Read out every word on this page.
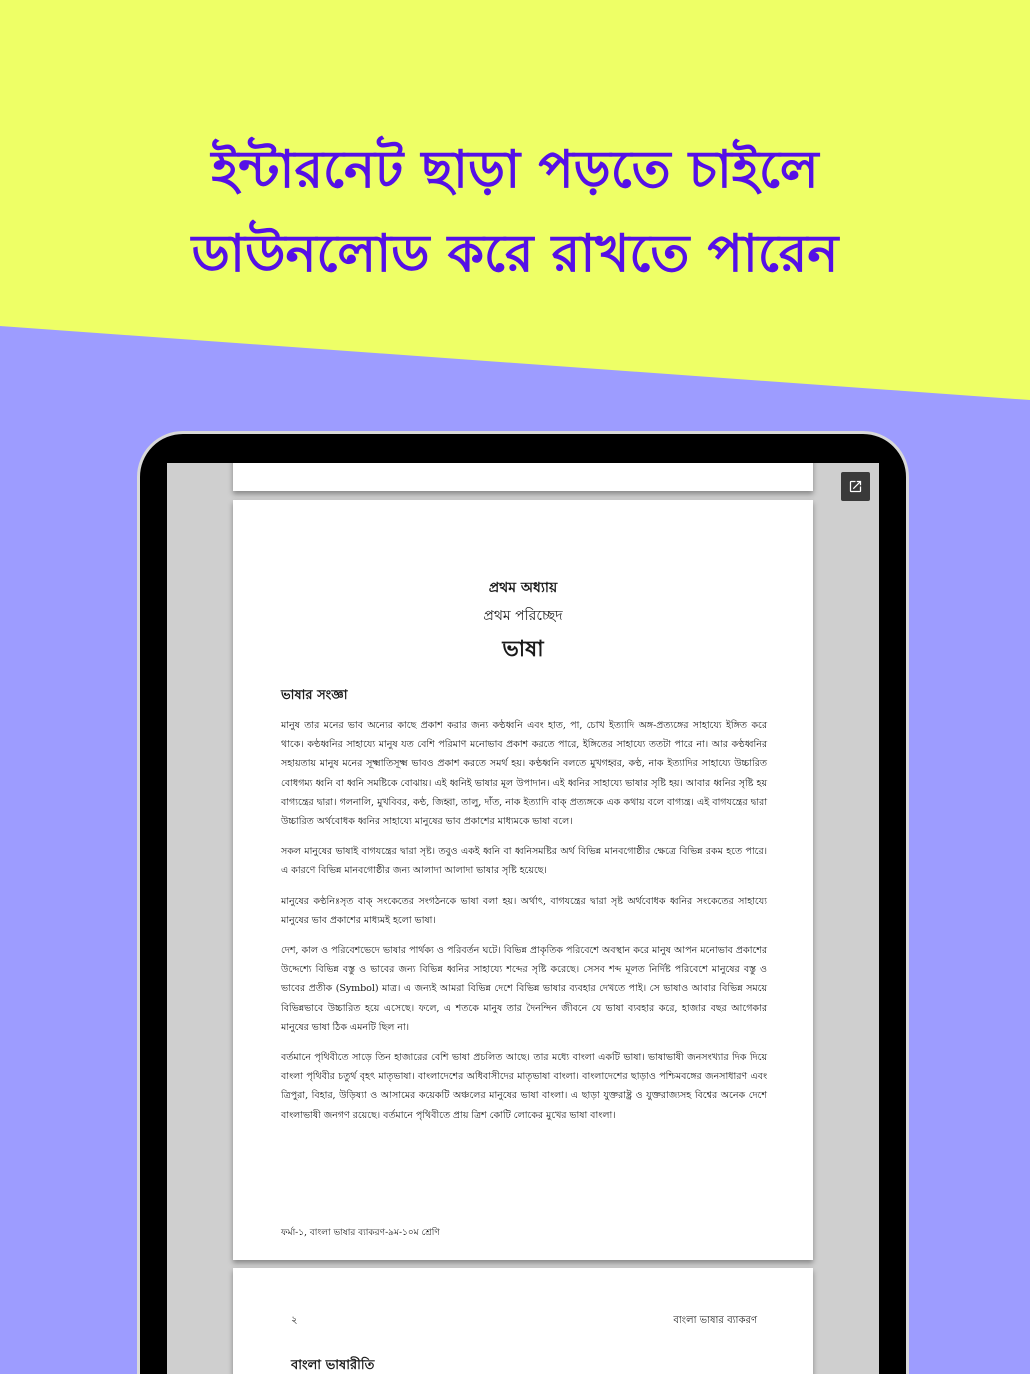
ইন্টারনেট ছাড়া পড়তে চাইলে
ডাউনলোড করে রাখতে পারেন
প্রথম অধ্যায়
প্রথম পরিচ্ছেদ
ভাষা
ভাষার সংজ্ঞা

মানুষ তার মনের ভাব অন্যের কাছে প্রকাশ করার জন্য কণ্ঠধ্বনি এবং হাত, পা, চোখ ইত্যাদি অঙ্গ-প্রত্যঙ্গের সাহায্যে ইঙ্গিত করে থাকে। কণ্ঠধ্বনির সাহায্যে মানুষ যত বেশি পরিমাণ মনোভাব প্রকাশ করতে পারে, ইঙ্গিতের সাহায্যে ততটা পারে না। আর কণ্ঠধ্বনির সহায়তায় মানুষ মনের সূক্ষ্মাতিসূক্ষ্ম ভাবও প্রকাশ করতে সমর্থ হয়। কণ্ঠধ্বনি বলতে মুখগহ্বর, কণ্ঠ, নাক ইত্যাদির সাহায্যে উচ্চারিত বোধগম্য ধ্বনি বা ধ্বনি সমষ্টিকে বোঝায়। এই ধ্বনিই ভাষার মূল উপাদান। এই ধ্বনির সাহায্যে ভাষার সৃষ্টি হয়। আবার ধ্বনির সৃষ্টি হয় বাগ্যন্ত্রের দ্বারা। গলনালি, মুখবিবর, কণ্ঠ, জিহ্বা, তালু, দাঁত, নাক ইত্যাদি বাক্ প্রত্যঙ্গকে এক কথায় বলে বাগ্যন্ত্র। এই বাগযন্ত্রের দ্বারা উচ্চারিত অর্থবোধক ধ্বনির সাহায্যে মানুষের ভাব প্রকাশের মাধ্যমকে ভাষা বলে।

সকল মানুষের ভাষাই বাগযন্ত্রের দ্বারা সৃষ্ট। তবুও একই ধ্বনি বা ধ্বনিসমষ্টির অর্থ বিভিন্ন মানবগোষ্ঠীর ক্ষেত্রে বিভিন্ন রকম হতে পারে। এ কারণে বিভিন্ন মানবগোষ্ঠীর জন্য আলাদা আলাদা ভাষার সৃষ্টি হয়েছে।

মানুষের কণ্ঠনিঃসৃত বাক্ সংকেতের সংগঠনকে ভাষা বলা হয়। অর্থাৎ, বাগযন্ত্রের দ্বারা সৃষ্ট অর্থবোধক ধ্বনির সংকেতের সাহায্যে মানুষের ভাব প্রকাশের মাধ্যমই হলো ভাষা।

দেশ, কাল ও পরিবেশভেদে ভাষার পার্থক্য ও পরিবর্তন ঘটে। বিভিন্ন প্রাকৃতিক পরিবেশে অবস্থান করে মানুষ আপন মনোভাব প্রকাশের উদ্দেশ্যে বিভিন্ন বস্তু ও ভাবের জন্য বিভিন্ন ধ্বনির সাহায্যে শব্দের সৃষ্টি করেছে। সেসব শব্দ মূলত নির্দিষ্ট পরিবেশে মানুষের বস্তু ও ভাবের প্রতীক (Symbol) মাত্র। এ জন্যই আমরা বিভিন্ন দেশে বিভিন্ন ভাষার ব্যবহার দেখতে পাই। সে ভাষাও আবার বিভিন্ন সময়ে বিভিন্নভাবে উচ্চারিত হয়ে এসেছে। ফলে, এ শতকে মানুষ তার দৈনন্দিন জীবনে যে ভাষা ব্যবহার করে, হাজার বছর আগেকার মানুষের ভাষা ঠিক এমনটি ছিল না।

বর্তমানে পৃথিবীতে সাড়ে তিন হাজারের বেশি ভাষা প্রচলিত আছে। তার মধ্যে বাংলা একটি ভাষা। ভাষাভাষী জনসংখ্যার দিক দিয়ে বাংলা পৃথিবীর চতুর্থ বৃহৎ মাতৃভাষা। বাংলাদেশের অধিবাসীদের মাতৃভাষা বাংলা। বাংলাদেশের ছাড়াও পশ্চিমবঙ্গের জনসাধারণ এবং ত্রিপুরা, বিহার, উড়িষ্যা ও আসামের কয়েকটি অঞ্চলের মানুষের ভাষা বাংলা। এ ছাড়া যুক্তরাষ্ট্র ও যুক্তরাজ্যসহ বিশ্বের অনেক দেশে বাংলাভাষী জনগণ রয়েছে। বর্তমানে পৃথিবীতে প্রায় ত্রিশ কোটি লোকের মুখের ভাষা বাংলা।

ফর্মা-১, বাংলা ভাষার ব্যাকরণ-৯ম-১০ম শ্রেণি
২	বাংলা ভাষার ব্যাকরণ
বাংলা ভাষারীতি
